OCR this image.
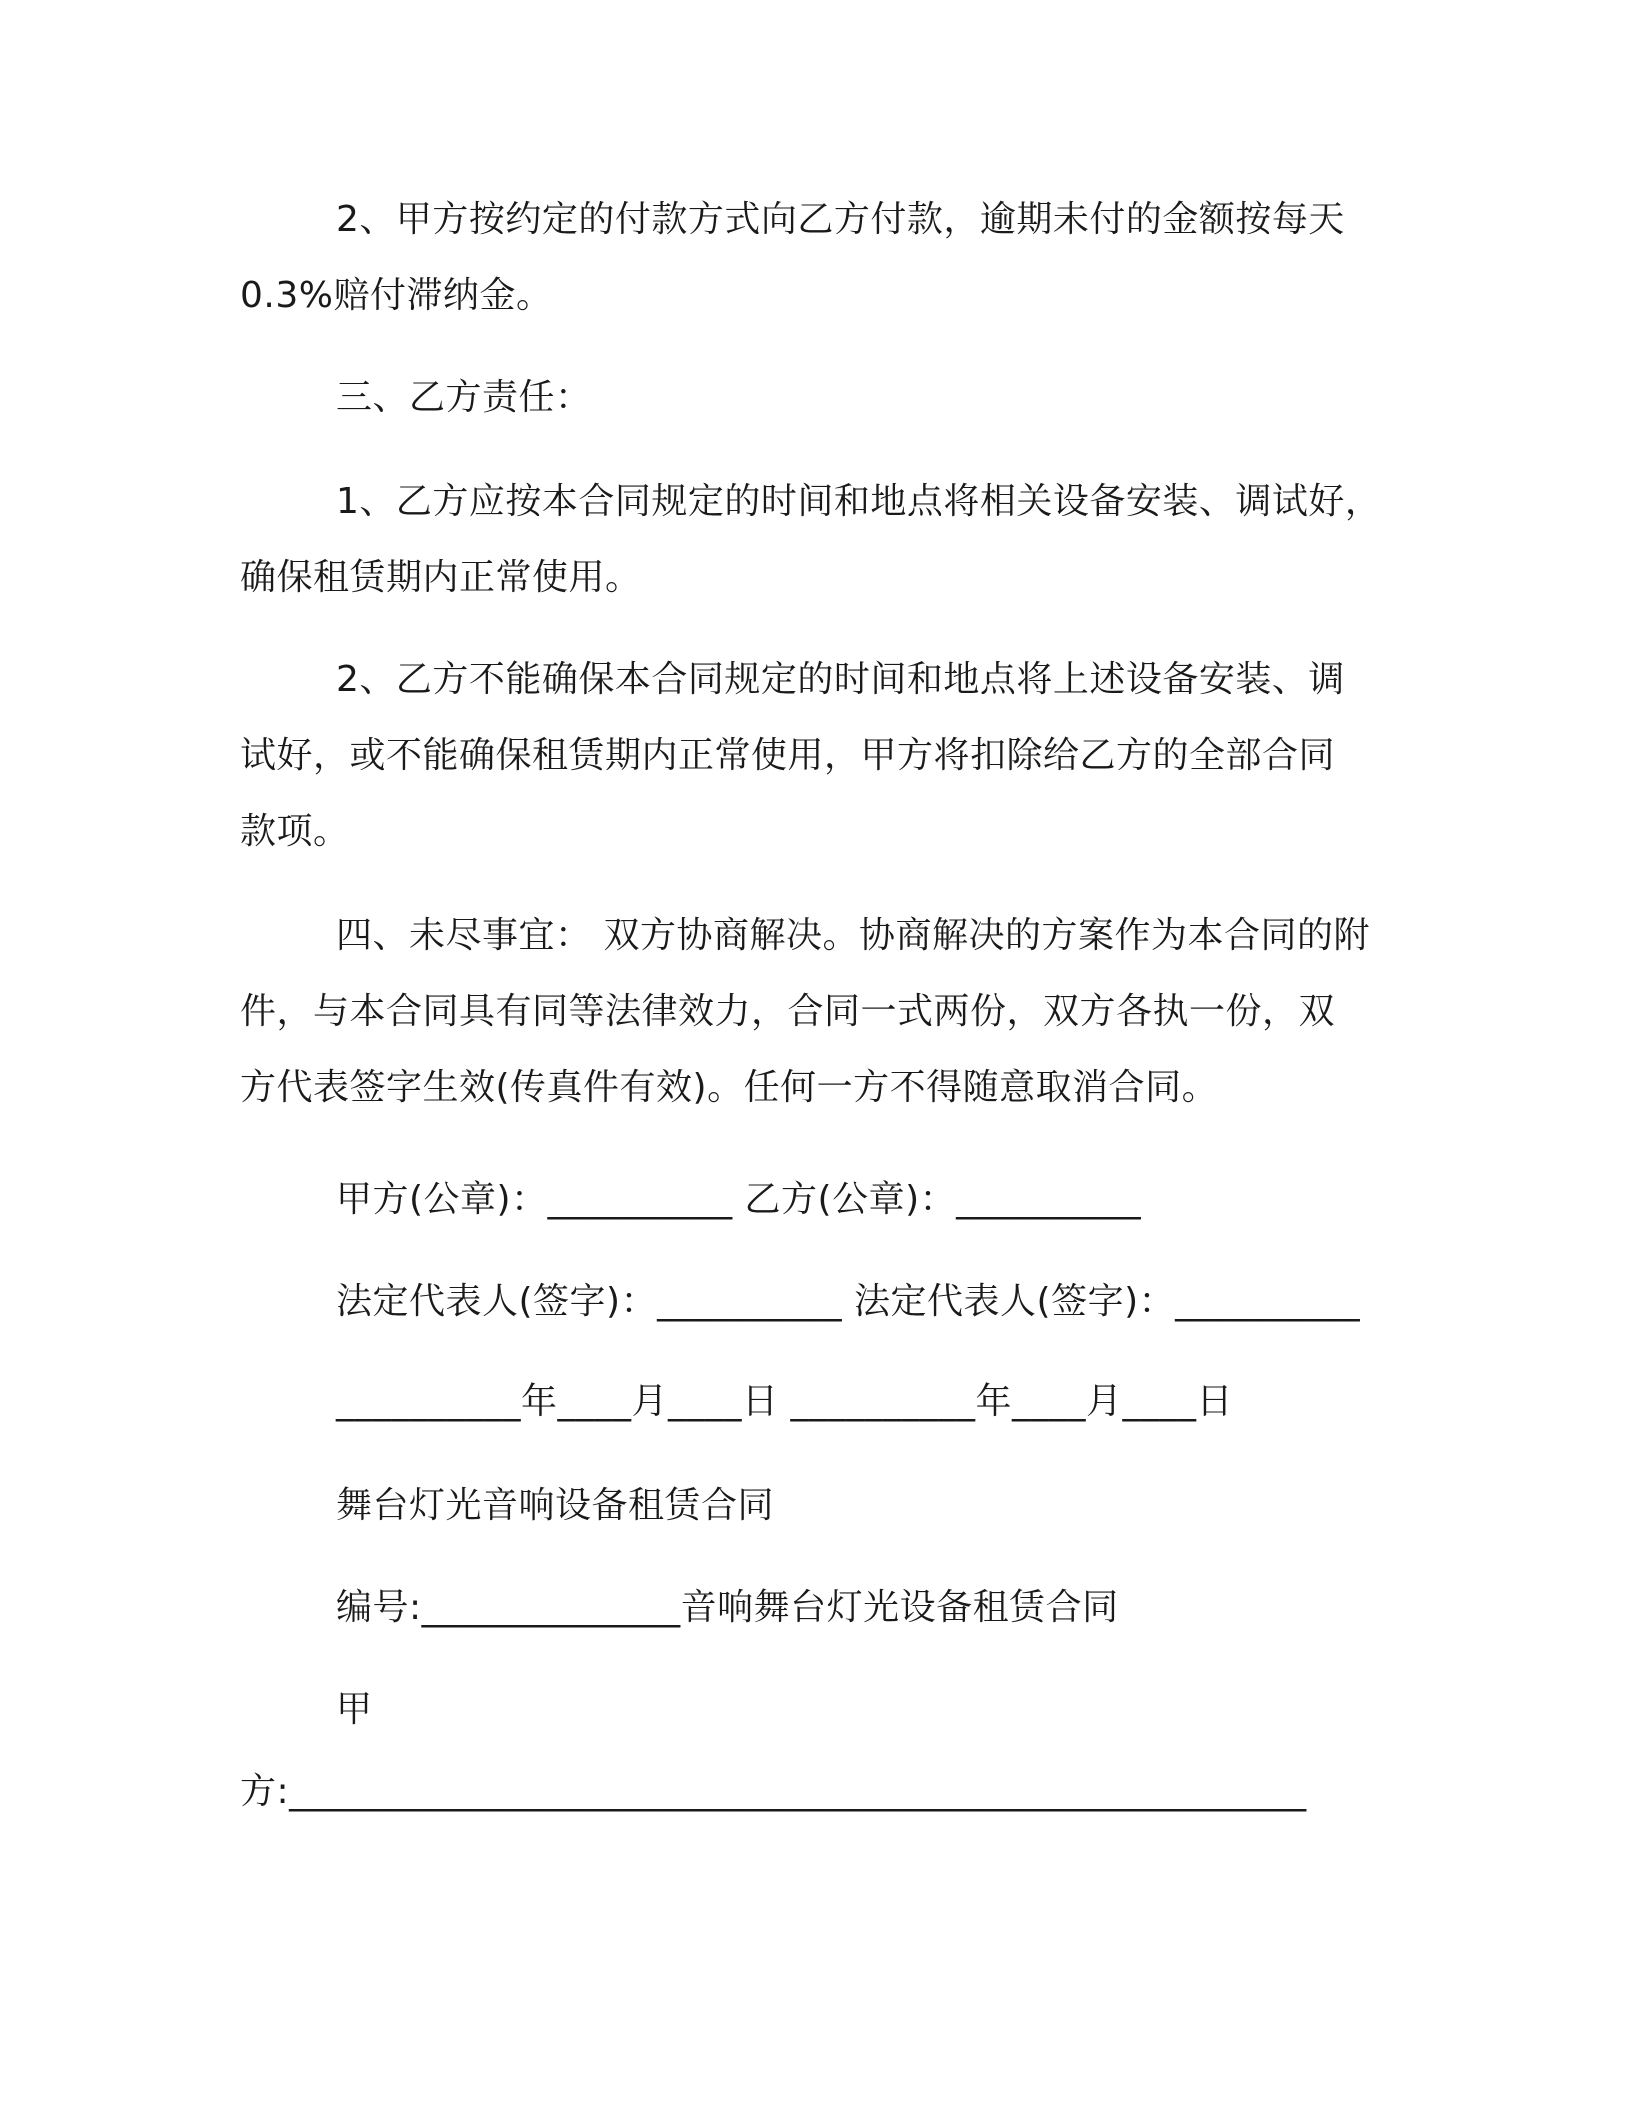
2、甲方按约定的付款方式向乙方付款，逾期未付的金额按每天
0.3%赔付滞纳金。
三、乙方责任：
1、乙方应按本合同规定的时间和地点将相关设备安装、调试好，
确保租赁期内正常使用。
2、乙方不能确保本合同规定的时间和地点将上述设备安装、调
试好，或不能确保租赁期内正常使用，甲方将扣除给乙方的全部合同
款项。
四、未尽事宜： 双方协商解决。协商解决的方案作为本合同的附
件，与本合同具有同等法律效力，合同一式两份，双方各执一份，双
方代表签字生效(传真件有效)。任何一方不得随意取消合同。
甲方(公章)：__________ 乙方(公章)：__________
法定代表人(签字)：__________ 法定代表人(签字)：__________
__________年____月____日 __________年____月____日
舞台灯光音响设备租赁合同
编号:______________音响舞台灯光设备租赁合同
甲
方:_______________________________________________________
